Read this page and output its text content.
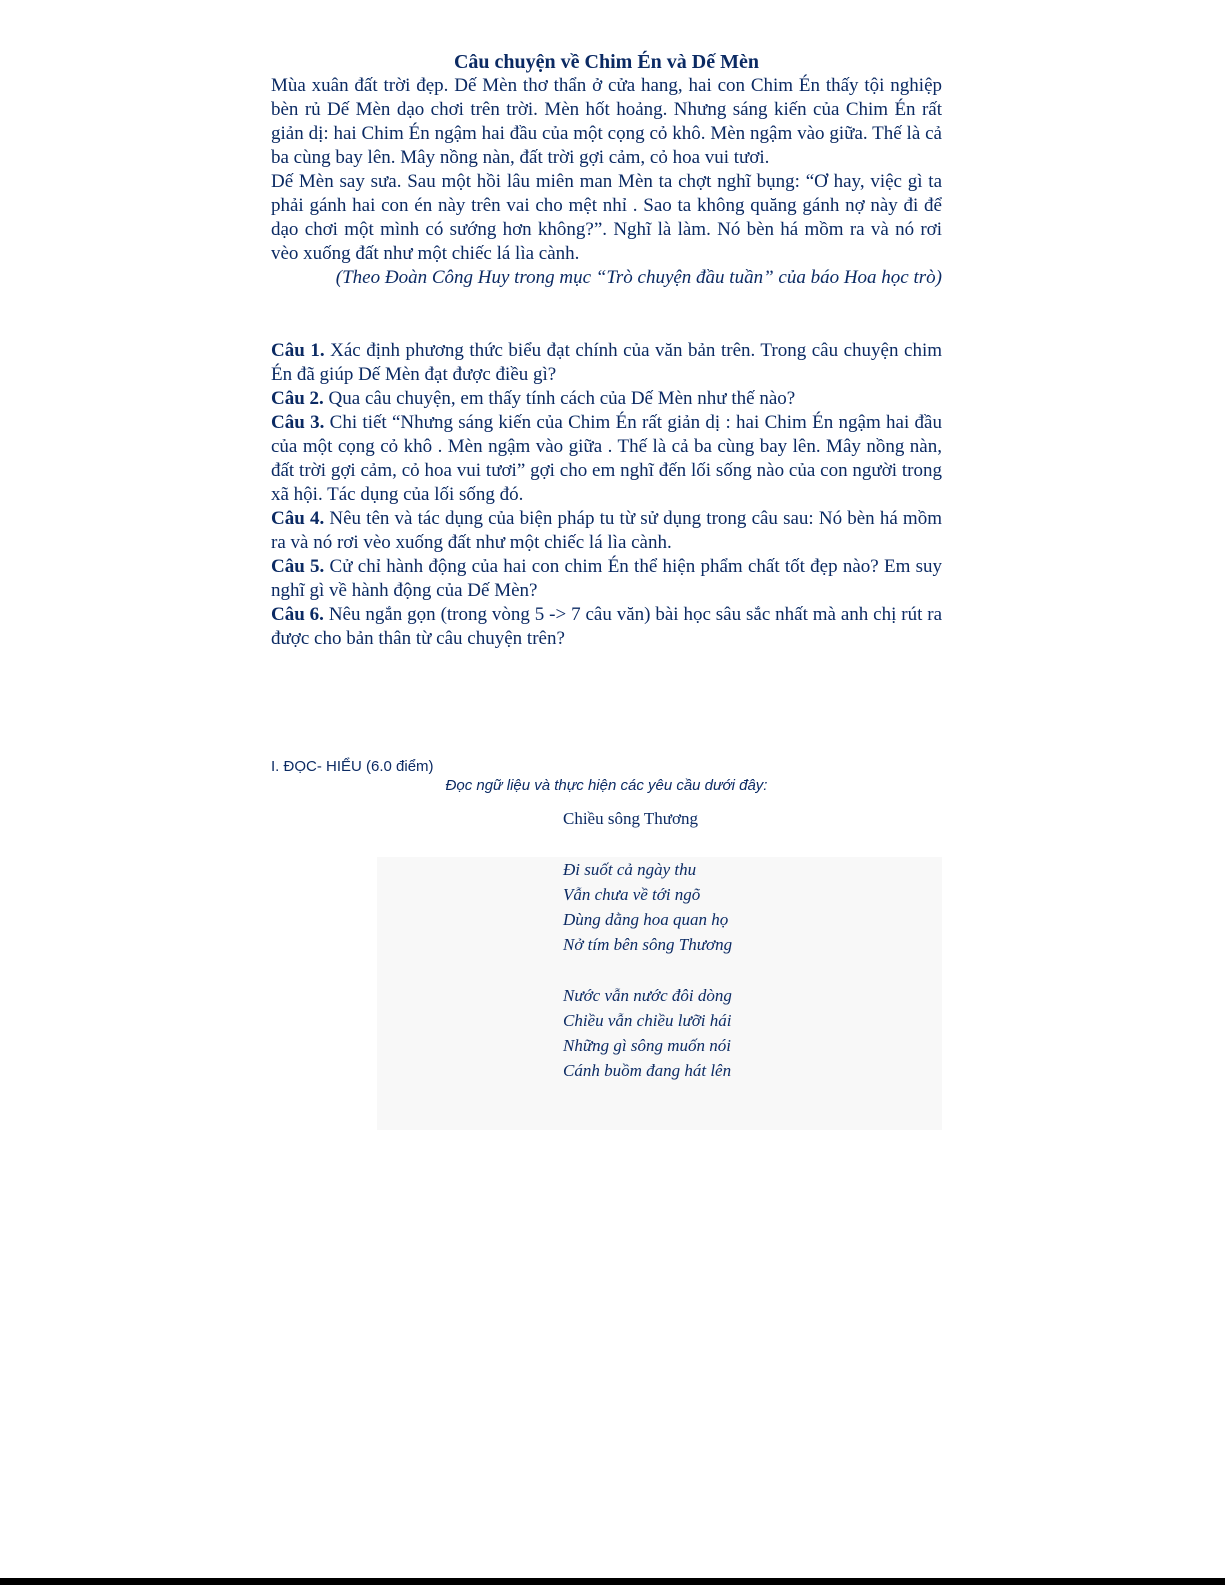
Câu chuyện về Chim Én và Dế Mèn

Mùa xuân đất trời đẹp. Dế Mèn thơ thẩn ở cửa hang, hai con Chim Én thấy tội nghiệp bèn rủ Dế Mèn dạo chơi trên trời. Mèn hốt hoảng. Nhưng sáng kiến của Chim Én rất giản dị: hai Chim Én ngậm hai đầu của một cọng cỏ khô. Mèn ngậm vào giữa. Thế là cả ba cùng bay lên. Mây nồng nàn, đất trời gợi cảm, cỏ hoa vui tươi.

Dế Mèn say sưa. Sau một hồi lâu miên man Mèn ta chợt nghĩ bụng: “Ơ hay, việc gì ta phải gánh hai con én này trên vai cho mệt nhỉ . Sao ta không quăng gánh nợ này đi để dạo chơi một mình có sướng hơn không?”. Nghĩ là làm. Nó bèn há mồm ra và nó rơi vèo xuống đất như một chiếc lá lìa cành.

(Theo Đoàn Công Huy trong mục “Trò chuyện đầu tuần” của báo Hoa học trò)

Câu 1. Xác định phương thức biểu đạt chính của văn bản trên. Trong câu chuyện chim Én đã giúp Dế Mèn đạt được điều gì?

Câu 2. Qua câu chuyện, em thấy tính cách của Dế Mèn như thế nào?

Câu 3. Chi tiết “Nhưng sáng kiến của Chim Én rất giản dị : hai Chim Én ngậm hai đầu của một cọng cỏ khô . Mèn ngậm vào giữa . Thế là cả ba cùng bay lên. Mây nồng nàn, đất trời gợi cảm, cỏ hoa vui tươi” gợi cho em nghĩ đến lối sống nào của con người trong xã hội. Tác dụng của lối sống đó.

Câu 4. Nêu tên và tác dụng của biện pháp tu từ sử dụng trong câu sau: Nó bèn há mồm ra và nó rơi vèo xuống đất như một chiếc lá lìa cành.

Câu 5. Cử chỉ hành động của hai con chim Én thể hiện phẩm chất tốt đẹp nào? Em suy nghĩ gì về hành động của Dế Mèn?

Câu 6. Nêu ngắn gọn (trong vòng 5 -> 7 câu văn) bài học sâu sắc nhất mà anh chị rút ra được cho bản thân từ câu chuyện trên?

I. ĐỌC- HIỂU (6.0 điểm)
Đọc ngữ liệu và thực hiện các yêu cầu dưới đây:
Chiều sông Thương
Đi suốt cả ngày thu
Vẫn chưa về tới ngõ
Dùng dằng hoa quan họ
Nở tím bên sông Thương
Nước vẫn nước đôi dòng
Chiều vẫn chiều lưỡi hái
Những gì sông muốn nói
Cánh buồm đang hát lên
